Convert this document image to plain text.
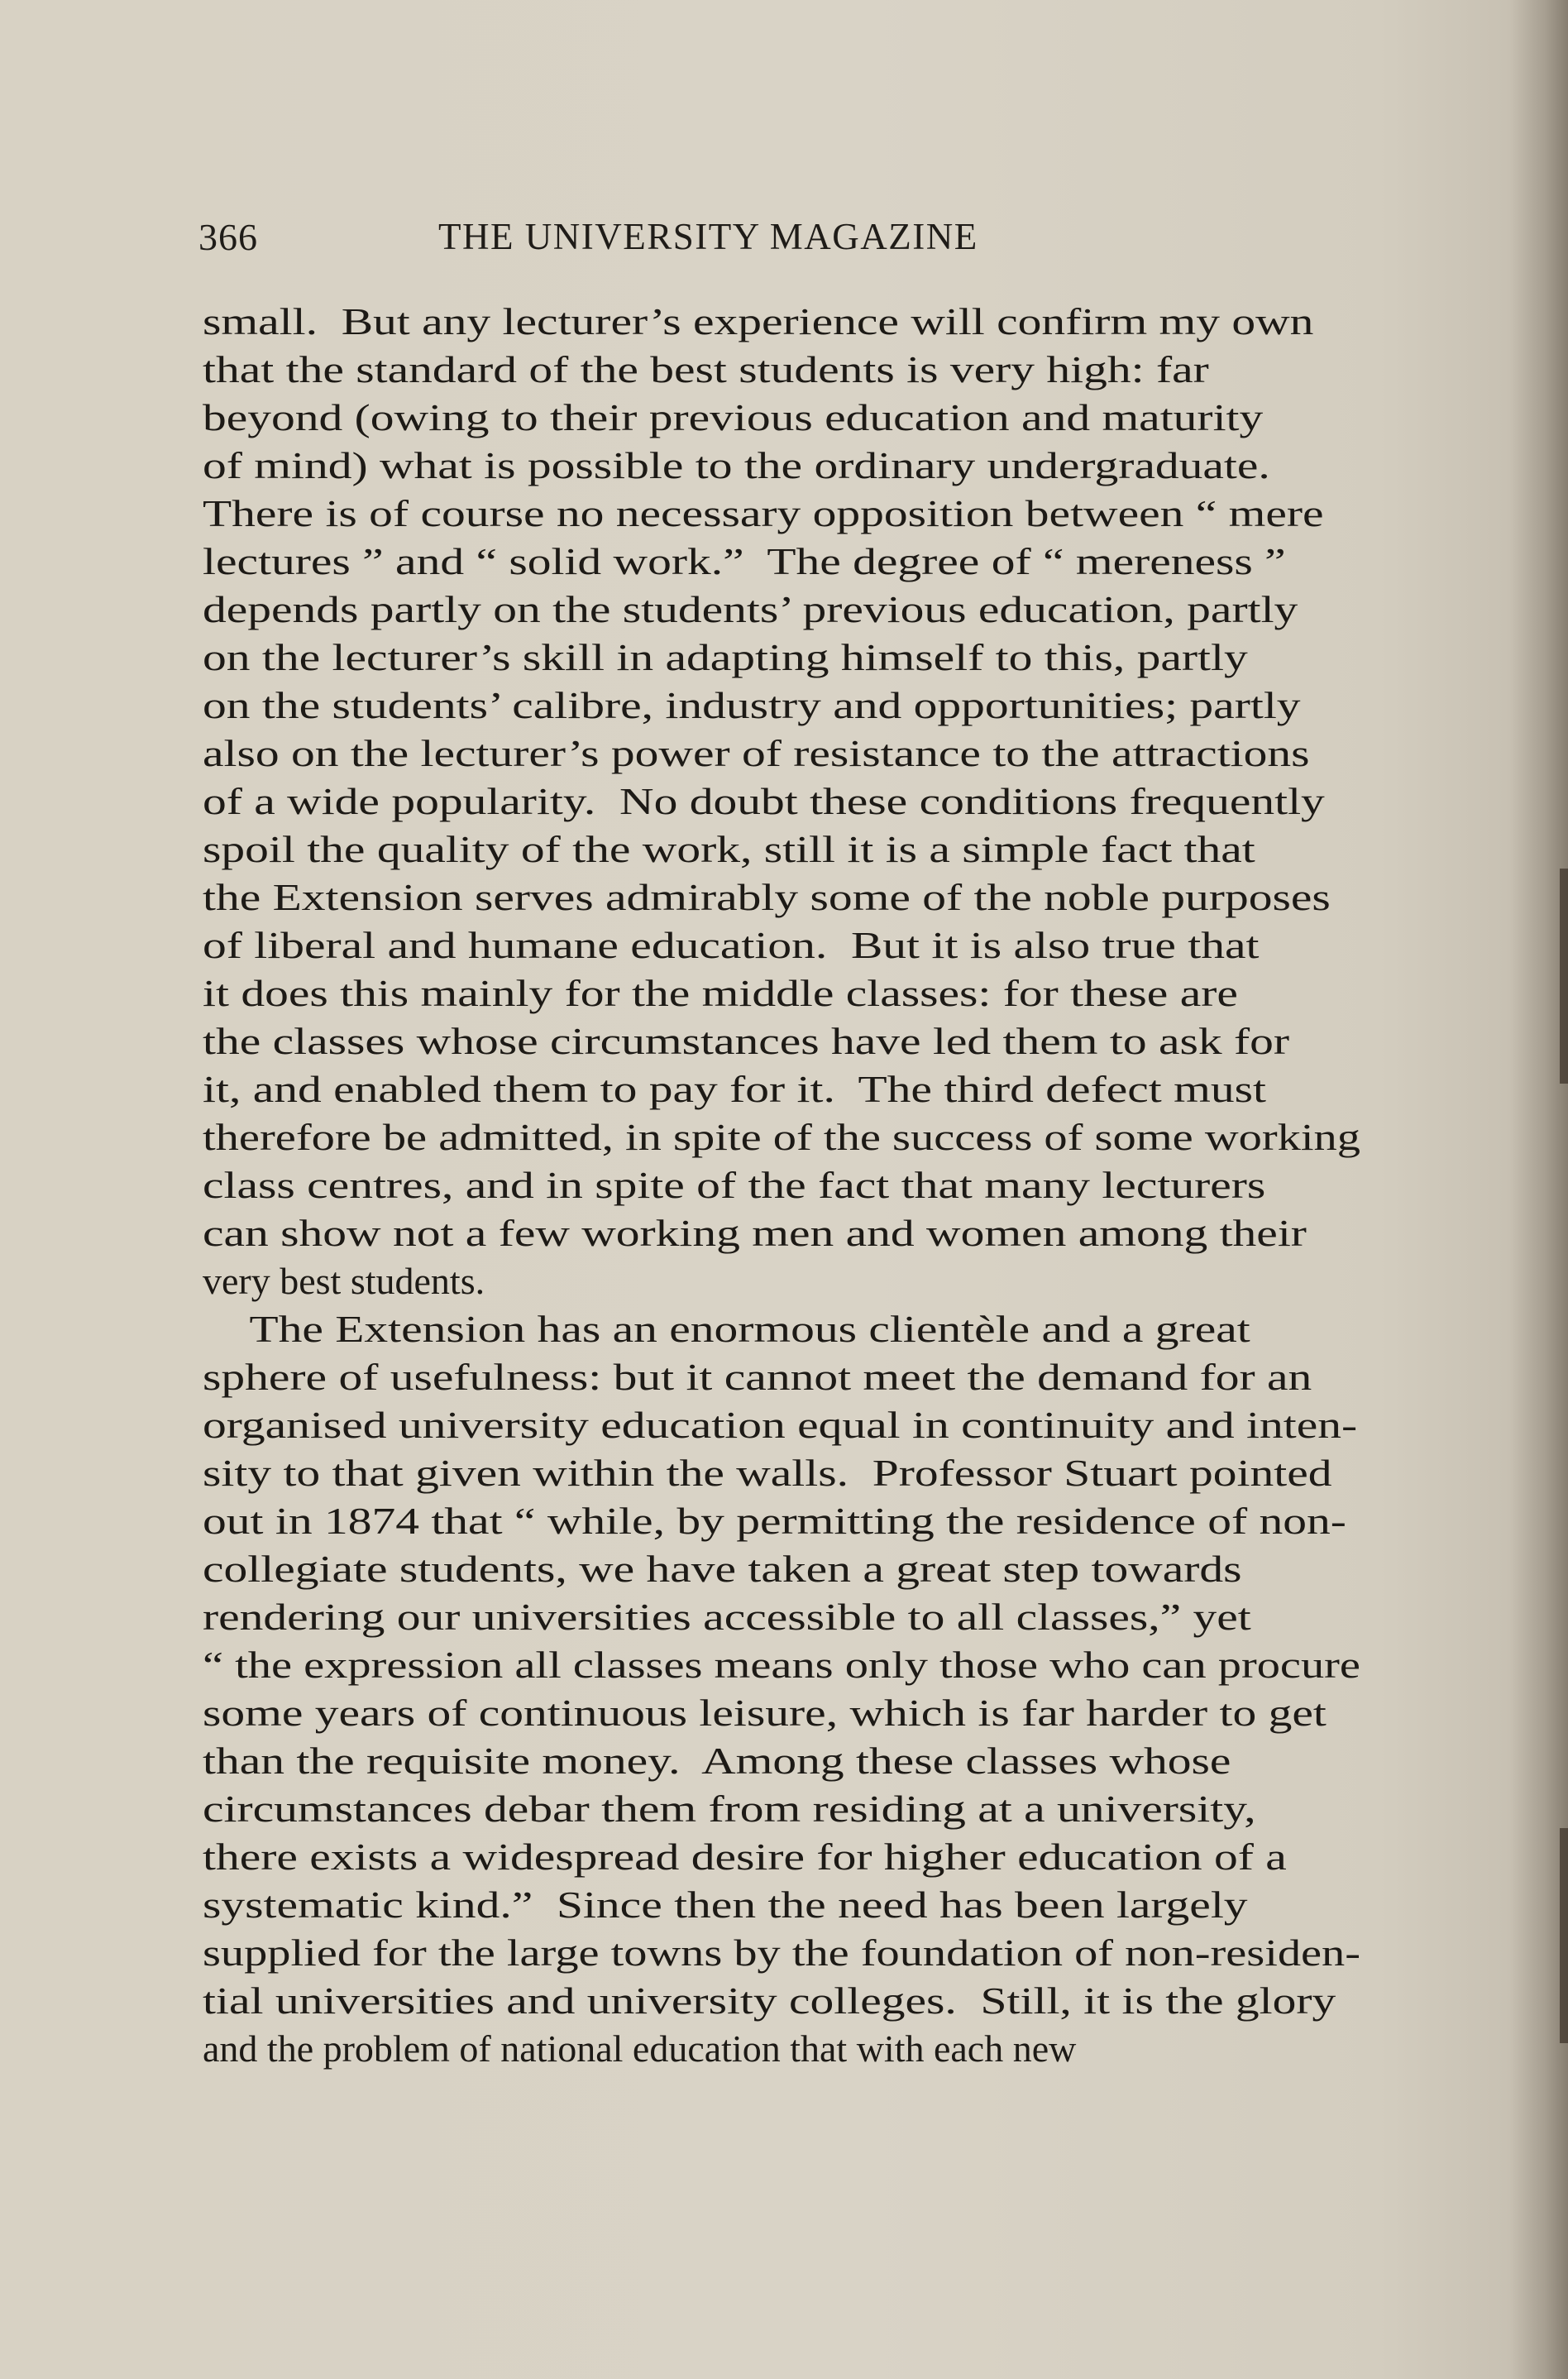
366	THE UNIVERSITY MAGAZINE
small.  But any lecturer’s experience will confirm my own
that the standard of the best students is very high: far
beyond (owing to their previous education and maturity
of mind) what is possible to the ordinary undergraduate.
There is of course no necessary opposition between “ mere
lectures ” and “ solid work.”  The degree of “ mereness ”
depends partly on the students’ previous education, partly
on the lecturer’s skill in adapting himself to this, partly
on the students’ calibre, industry and opportunities; partly
also on the lecturer’s power of resistance to the attractions
of a wide popularity.  No doubt these conditions frequently
spoil the quality of the work, still it is a simple fact that
the Extension serves admirably some of the noble purposes
of liberal and humane education.  But it is also true that
it does this mainly for the middle classes: for these are
the classes whose circumstances have led them to ask for
it, and enabled them to pay for it.  The third defect must
therefore be admitted, in spite of the success of some working
class centres, and in spite of the fact that many lecturers
can show not a few working men and women among their
very best students.
The Extension has an enormous clientèle and a great
sphere of usefulness: but it cannot meet the demand for an
organised university education equal in continuity and inten-
sity to that given within the walls.  Professor Stuart pointed
out in 1874 that “ while, by permitting the residence of non-
collegiate students, we have taken a great step towards
rendering our universities accessible to all classes,” yet
“ the expression all classes means only those who can procure
some years of continuous leisure, which is far harder to get
than the requisite money.  Among these classes whose
circumstances debar them from residing at a university,
there exists a widespread desire for higher education of a
systematic kind.”  Since then the need has been largely
supplied for the large towns by the foundation of non-residen-
tial universities and university colleges.  Still, it is the glory
and the problem of national education that with each new
